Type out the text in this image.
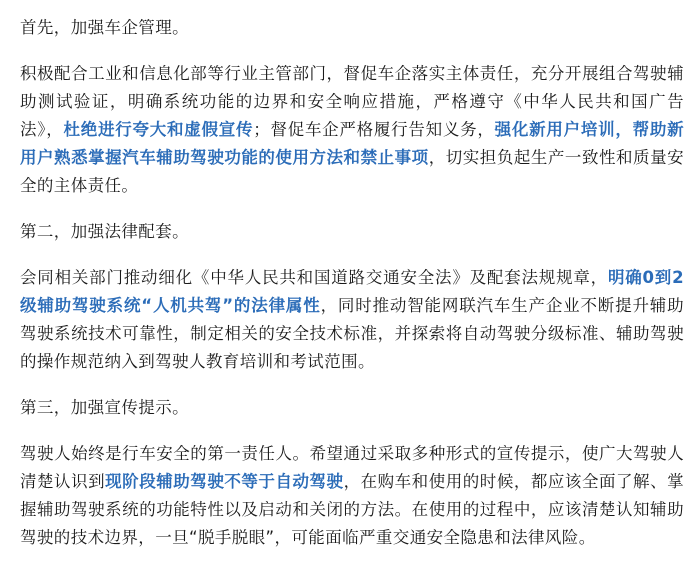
首先，加强车企管理。

积极配合工业和信息化部等行业主管部门，督促车企落实主体责任，充分开展组合驾驶辅助测试验证，明确系统功能的边界和安全响应措施，严格遵守《中华人民共和国广告法》，杜绝进行夸大和虚假宣传；督促车企严格履行告知义务，强化新用户培训，帮助新用户熟悉掌握汽车辅助驾驶功能的使用方法和禁止事项，切实担负起生产一致性和质量安全的主体责任。

第二，加强法律配套。

会同相关部门推动细化《中华人民共和国道路交通安全法》及配套法规规章，明确0到2级辅助驾驶系统“人机共驾”的法律属性，同时推动智能网联汽车生产企业不断提升辅助驾驶系统技术可靠性，制定相关的安全技术标准，并探索将自动驾驶分级标准、辅助驾驶的操作规范纳入到驾驶人教育培训和考试范围。

第三，加强宣传提示。

驾驶人始终是行车安全的第一责任人。希望通过采取多种形式的宣传提示，使广大驾驶人清楚认识到现阶段辅助驾驶不等于自动驾驶，在购车和使用的时候，都应该全面了解、掌握辅助驾驶系统的功能特性以及启动和关闭的方法。在使用的过程中，应该清楚认知辅助驾驶的技术边界，一旦“脱手脱眼”，可能面临严重交通安全隐患和法律风险。
